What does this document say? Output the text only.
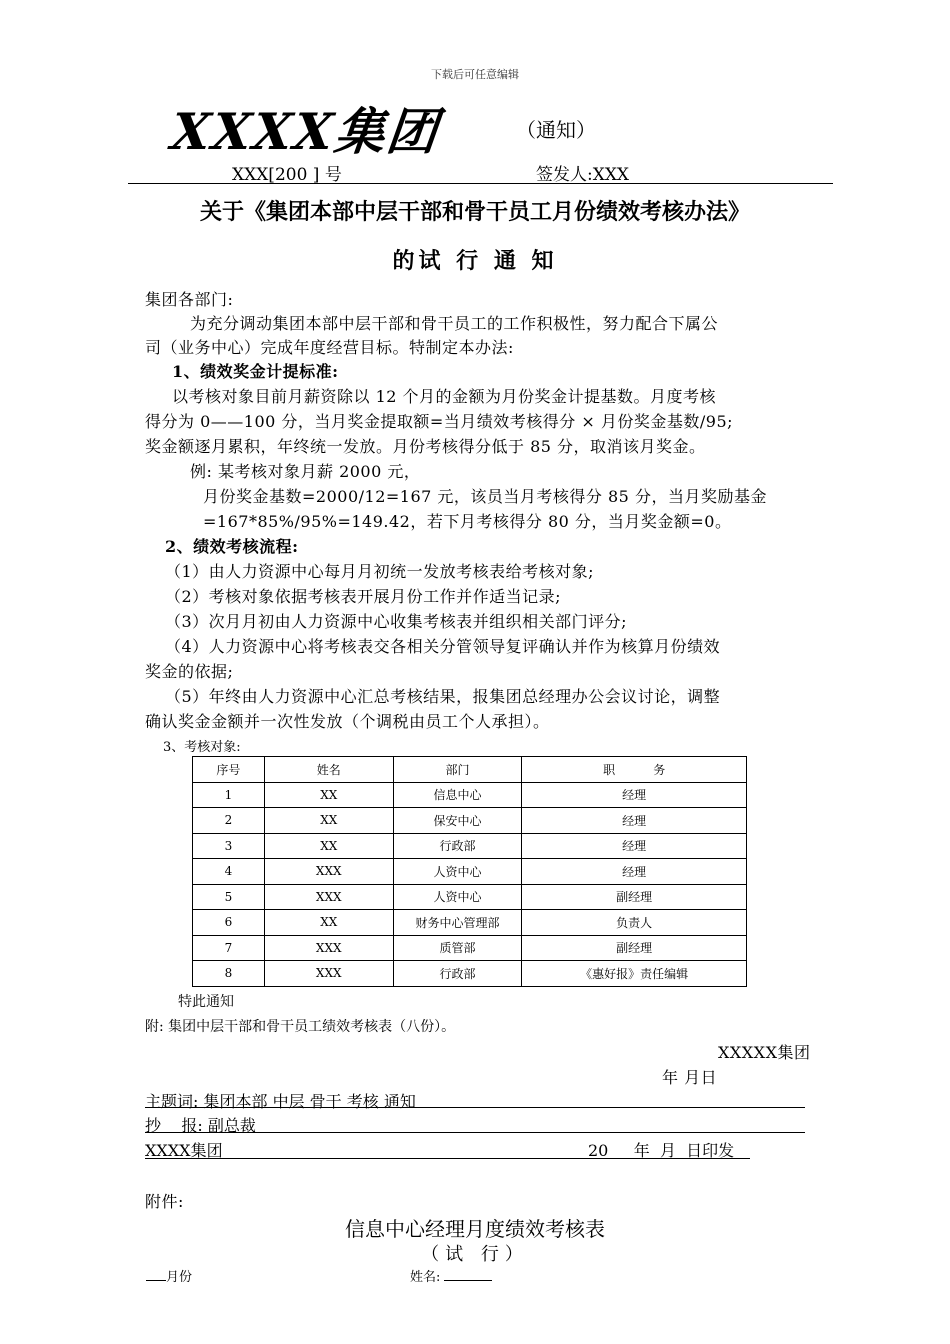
下载后可任意编辑
XXXX集团	（通知）
XXX[200 ] 号	签发人:XXX
关于《集团本部中层干部和骨干员工月份绩效考核办法》
的试 行 通 知
集团各部门:
为充分调动集团本部中层干部和骨干员工的工作积极性，努力配合下属公
司（业务中心）完成年度经营目标。特制定本办法:
1、绩效奖金计提标准:
以考核对象目前月薪资除以 12 个月的金额为月份奖金计提基数。月度考核
得分为 0——100 分，当月奖金提取额=当月绩效考核得分 × 月份奖金基数/95;
奖金额逐月累积，年终统一发放。月份考核得分低于 85 分，取消该月奖金。
例: 某考核对象月薪 2000 元，
月份奖金基数=2000/12=167 元，该员当月考核得分 85 分，当月奖励基金
=167*85%/95%=149.42，若下月考核得分 80 分，当月奖金额=0。
2、绩效考核流程:
（1）由人力资源中心每月月初统一发放考核表给考核对象;
（2）考核对象依据考核表开展月份工作并作适当记录;
（3）次月月初由人力资源中心收集考核表并组织相关部门评分;
（4）人力资源中心将考核表交各相关分管领导复评确认并作为核算月份绩效
奖金的依据;
（5）年终由人力资源中心汇总考核结果，报集团总经理办公会议讨论，调整
确认奖金金额并一次性发放（个调税由员工个人承担）。
3、考核对象:
序号	姓名	部门	职          务
1	XX	信息中心	经理
2	XX	保安中心	经理
3	XX	行政部	经理
4	XXX	人资中心	经理
5	XXX	人资中心	副经理
6	XX	财务中心管理部	负责人
7	XXX	质管部	副经理
8	XXX	行政部	《惠好报》责任编辑
特此通知
附: 集团中层干部和骨干员工绩效考核表（八份）。
XXXXX集团
年 月日
主题词: 集团本部 中层 骨干 考核 通知
抄    报: 副总裁
XXXX集团	20     年  月  日印发
附件:
信息中心经理月度绩效考核表
（试 行）
月份	姓名:
